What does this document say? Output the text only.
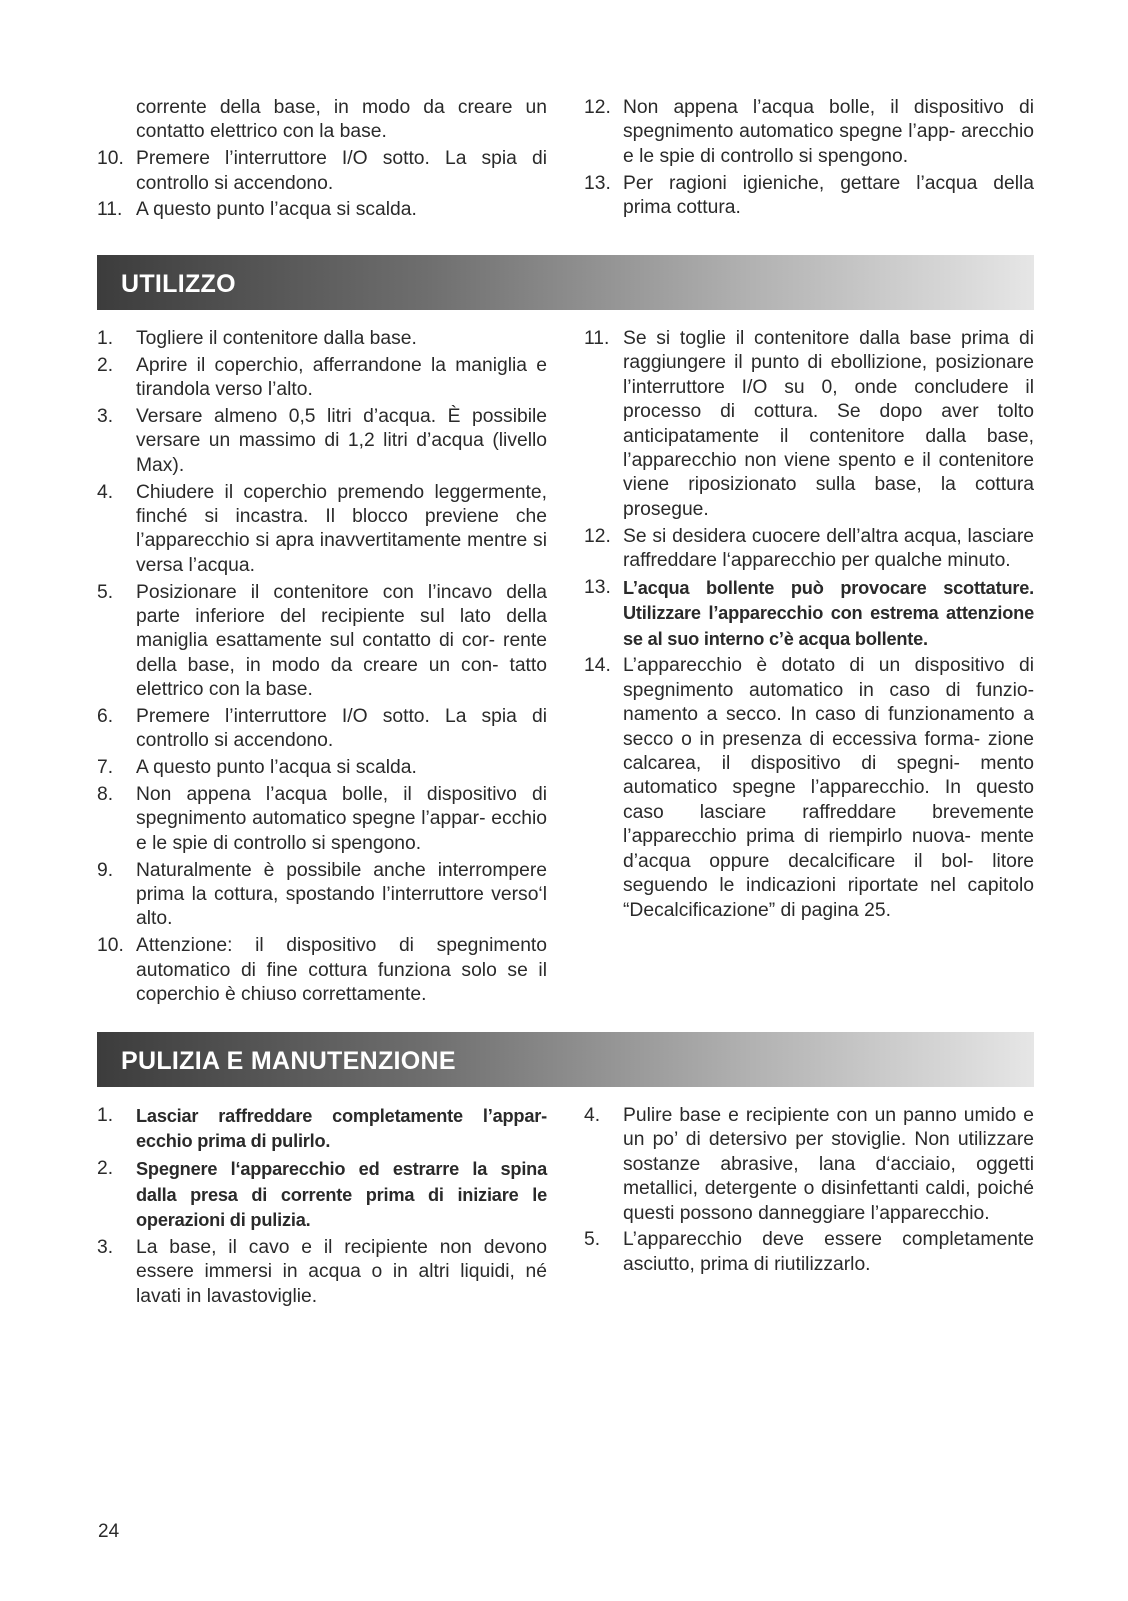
corrente della base, in modo da creare un contatto elettrico con la base.
10. Premere l’interruttore I/O sotto. La spia di controllo si accendono.
11. A questo punto l’acqua si scalda.
12. Non appena l’acqua bolle, il dispositivo di spegnimento automatico spegne l’app- arecchio e le spie di controllo si spengono.
13. Per ragioni igieniche, gettare l’acqua della prima cottura.
UTILIZZO
1.	Togliere il contenitore dalla base.
2.	Aprire il coperchio, afferrandone la maniglia e tirandola verso l’alto.
3.	Versare almeno 0,5 litri d’acqua. È possibile versare un massimo di 1,2 litri d’acqua (livello Max).
4.	Chiudere il coperchio premendo leggermente, finché si incastra. Il blocco previene che l’apparecchio si apra inavvertitamente mentre si versa l’acqua.
5.	Posizionare il contenitore con l’incavo della parte inferiore del recipiente sul lato della maniglia esattamente sul contatto di cor- rente della base, in modo da creare un con- tatto elettrico con la base.
6.	Premere l’interruttore I/O sotto. La spia di controllo si accendono.
7.	A questo punto l’acqua si scalda.
8.	Non appena l’acqua bolle, il dispositivo di spegnimento automatico spegne l’appar- ecchio e le spie di controllo si spengono.
9.	Naturalmente è possibile anche interrompere prima la cottura, spostando l’interruttore verso‘l alto.
10. Attenzione: il dispositivo di spegnimento automatico di fine cottura funziona solo se il coperchio è chiuso correttamente.
11. Se si toglie il contenitore dalla base prima di raggiungere il punto di ebollizione, posizionare l’interruttore I/O su 0, onde concludere il processo di cottura. Se dopo aver tolto anticipatamente il contenitore dalla base, l’apparecchio non viene spento e il contenitore viene riposizionato sulla base, la cottura prosegue.
12. Se si desidera cuocere dell’altra acqua, lasciare raffreddare l‘apparecchio per qualche minuto.
13. L’acqua bollente può provocare scottature. Utilizzare l’apparecchio con estrema attenzione se al suo interno c’è acqua bollente.
14. L’apparecchio è dotato di un dispositivo di spegnimento automatico in caso di funzio- namento a secco. In caso di funzionamento a secco o in presenza di eccessiva forma- zione calcarea, il dispositivo di spegni- mento automatico spegne l’apparecchio. In questo caso lasciare raffreddare brevemente l’apparecchio prima di riempirlo nuova- mente d’acqua oppure decalcificare il bol- litore seguendo le indicazioni riportate nel capitolo “Decalcificazione” di pagina 25.
PULIZIA E MANUTENZIONE
1.	Lasciar raffreddare completamente l’appar- ecchio prima di pulirlo.
2.	Spegnere l‘apparecchio ed estrarre la spina dalla presa di corrente prima di iniziare le operazioni di pulizia.
3.	La base, il cavo e il recipiente non devono essere immersi in acqua o in altri liquidi, né lavati in lavastoviglie.
4.	Pulire base e recipiente con un panno umido e un po’ di detersivo per stoviglie. Non utilizzare sostanze abrasive, lana d‘acciaio, oggetti metallici, detergente o disinfettanti caldi, poiché questi possono danneggiare l’apparecchio.
5.	L’apparecchio deve essere completamente asciutto, prima di riutilizzarlo.
24
